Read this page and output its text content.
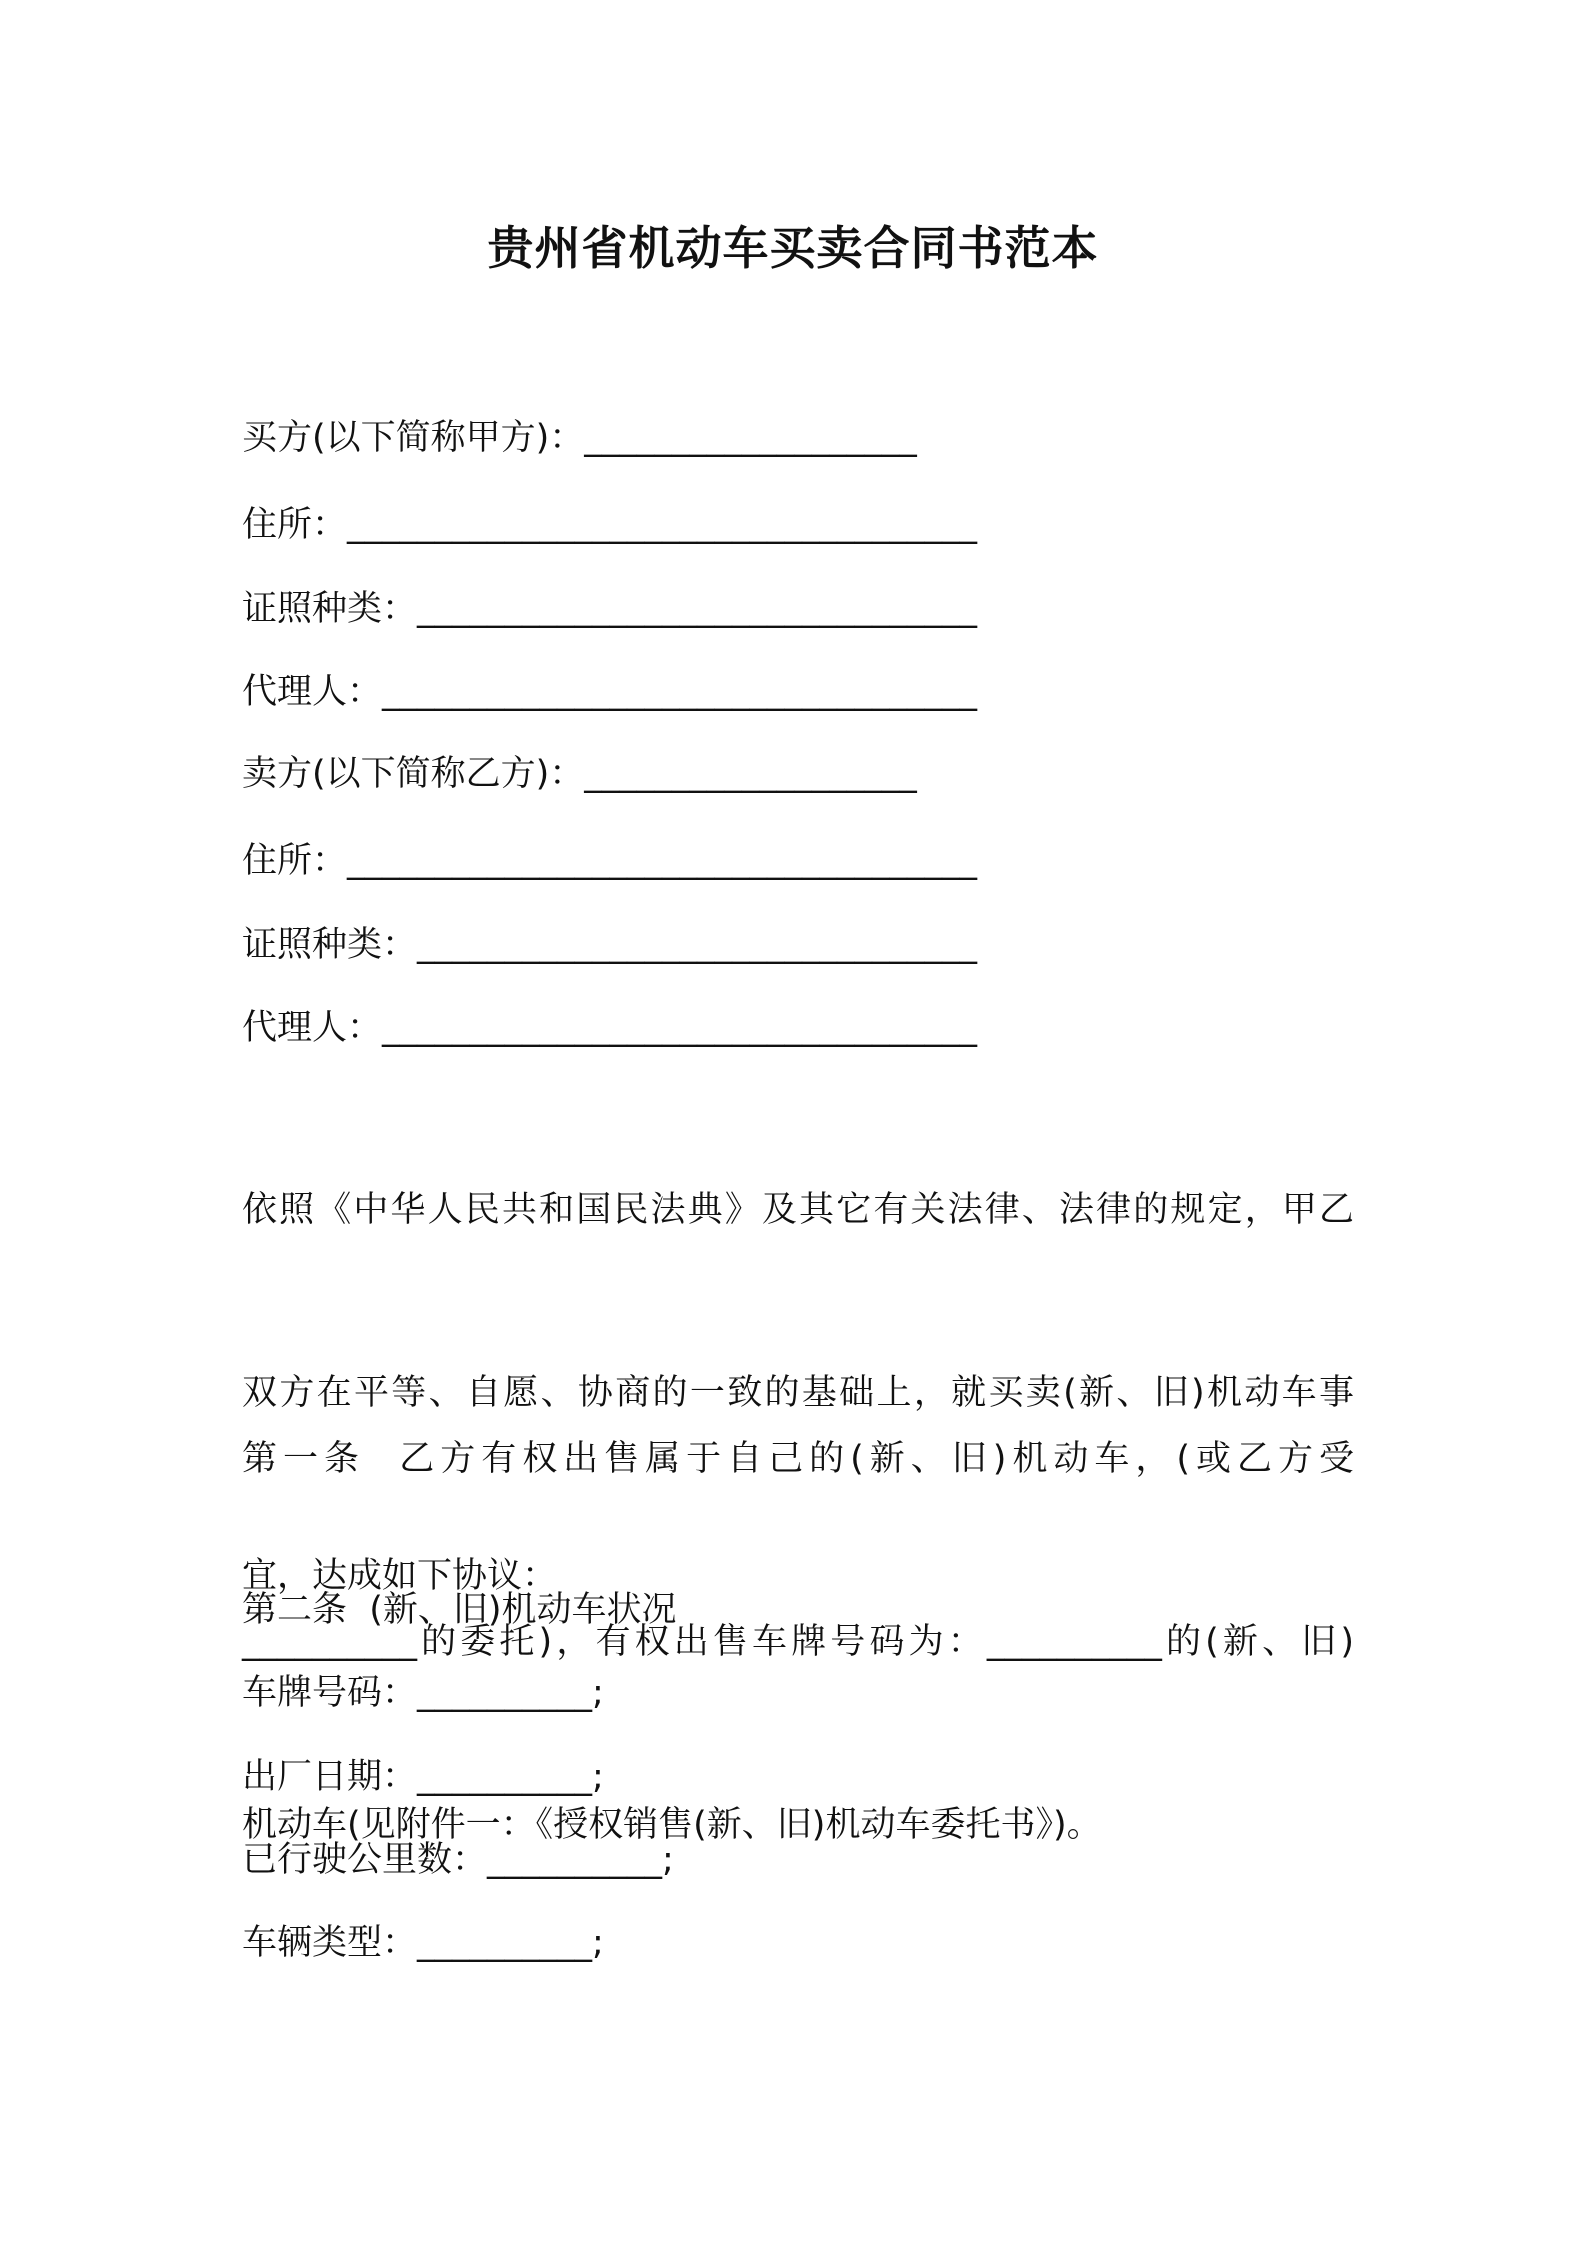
贵州省机动车买卖合同书范本
买方(以下简称甲方)：___________________
住所：____________________________________
证照种类：________________________________
代理人：__________________________________
卖方(以下简称乙方)：___________________
住所：____________________________________
证照种类：________________________________
代理人：__________________________________

依照《中华人民共和国民法典》及其它有关法律、法律的规定，甲乙

双方在平等、自愿、协商的一致的基础上，就买卖(新、旧)机动车事

宜，达成如下协议：

第一条  乙方有权出售属于自己的(新、旧)机动车，(或乙方受

__________的委托)，有权出售车牌号码为：__________的(新、旧)

机动车(见附件一：《授权销售(新、旧)机动车委托书》)。

第二条  (新、旧)机动车状况
车牌号码：__________;
出厂日期：__________;
已行驶公里数：__________;
车辆类型：__________;
